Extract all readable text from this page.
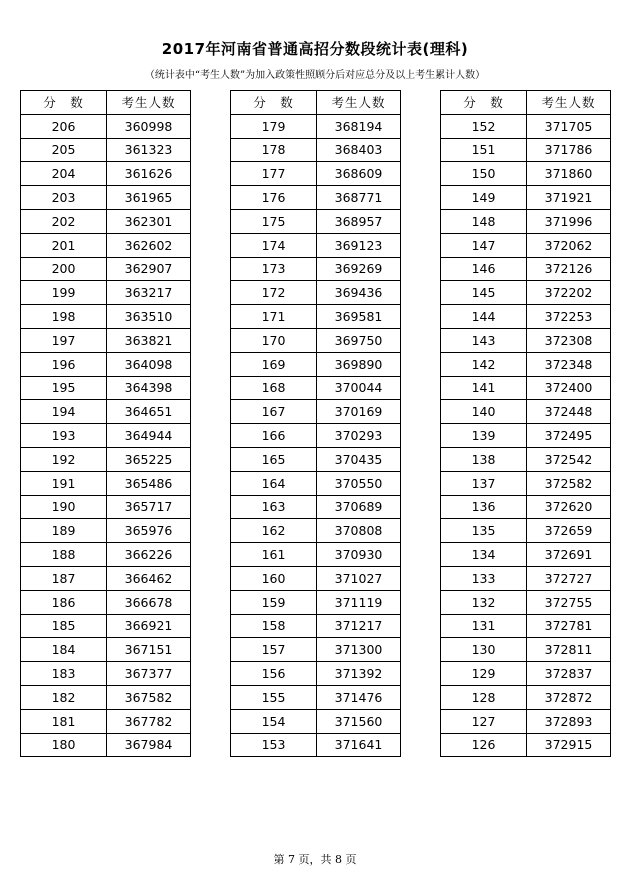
2017年河南省普通高招分数段统计表(理科)
（统计表中“考生人数”为加入政策性照顾分后对应总分及以上考生累计人数）
分　数	考生人数
206	360998
205	361323
204	361626
203	361965
202	362301
201	362602
200	362907
199	363217
198	363510
197	363821
196	364098
195	364398
194	364651
193	364944
192	365225
191	365486
190	365717
189	365976
188	366226
187	366462
186	366678
185	366921
184	367151
183	367377
182	367582
181	367782
180	367984
分　数	考生人数
179	368194
178	368403
177	368609
176	368771
175	368957
174	369123
173	369269
172	369436
171	369581
170	369750
169	369890
168	370044
167	370169
166	370293
165	370435
164	370550
163	370689
162	370808
161	370930
160	371027
159	371119
158	371217
157	371300
156	371392
155	371476
154	371560
153	371641
分　数	考生人数
152	371705
151	371786
150	371860
149	371921
148	371996
147	372062
146	372126
145	372202
144	372253
143	372308
142	372348
141	372400
140	372448
139	372495
138	372542
137	372582
136	372620
135	372659
134	372691
133	372727
132	372755
131	372781
130	372811
129	372837
128	372872
127	372893
126	372915
第 7 页，共 8 页
